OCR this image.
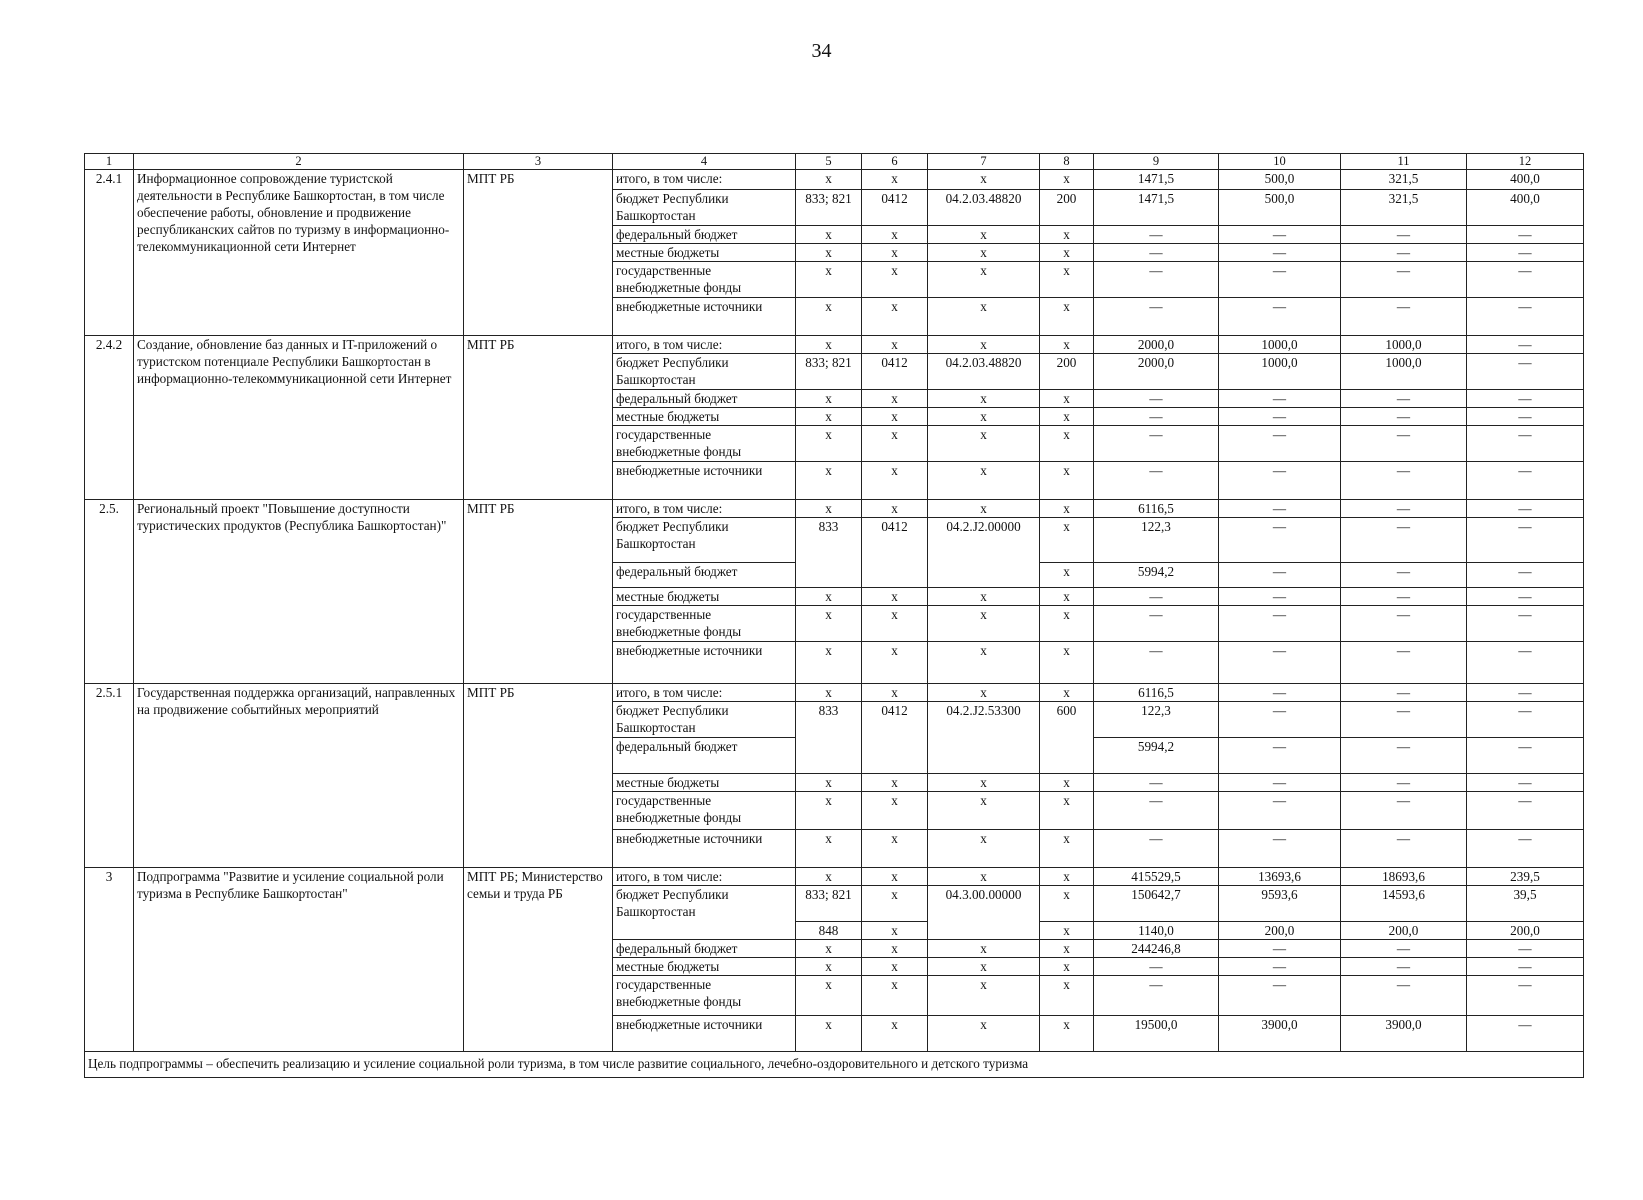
34
1	2	3	4	5	6	7	8	9	10	11	12
2.4.1	Информационное сопровождение туристской деятельности в Республике Башкортостан, в том числе обеспечение работы, обновление и продвижение республиканских сайтов по туризму в информационно-телекоммуникационной сети Интернет	МПТ РБ	итого, в том числе:	х	х	х	х	1471,5	500,0	321,5	400,0
			бюджет Республики Башкортостан	833; 821	0412	04.2.03.48820	200	1471,5	500,0	321,5	400,0
			федеральный бюджет	х	х	х	х	—	—	—	—
			местные бюджеты	х	х	х	х	—	—	—	—
			государственные внебюджетные фонды	х	х	х	х	—	—	—	—
			внебюджетные источники	х	х	х	х	—	—	—	—
2.4.2	Создание, обновление баз данных и IT-приложений о туристском потенциале Республики Башкортостан в информационно-телекоммуникационной сети Интернет	МПТ РБ	итого, в том числе:	х	х	х	х	2000,0	1000,0	1000,0	—
			бюджет Республики Башкортостан	833; 821	0412	04.2.03.48820	200	2000,0	1000,0	1000,0	—
			федеральный бюджет	х	х	х	х	—	—	—	—
			местные бюджеты	х	х	х	х	—	—	—	—
			государственные внебюджетные фонды	х	х	х	х	—	—	—	—
			внебюджетные источники	х	х	х	х	—	—	—	—
2.5.	Региональный проект "Повышение доступности туристических продуктов (Республика Башкортостан)"	МПТ РБ	итого, в том числе:	х	х	х	х	6116,5	—	—	—
			бюджет Республики Башкортостан	833	0412	04.2.J2.00000	х	122,3	—	—	—
			федеральный бюджет				х	5994,2	—	—	—
			местные бюджеты	х	х	х	х	—	—	—	—
			государственные внебюджетные фонды	х	х	х	х	—	—	—	—
			внебюджетные источники	х	х	х	х	—	—	—	—
2.5.1	Государственная поддержка организаций, направленных на продвижение событийных мероприятий	МПТ РБ	итого, в том числе:	х	х	х	х	6116,5	—	—	—
			бюджет Республики Башкортостан	833	0412	04.2.J2.53300	600	122,3	—	—	—
			федеральный бюджет					5994,2	—	—	—
			местные бюджеты	х	х	х	х	—	—	—	—
			государственные внебюджетные фонды	х	х	х	х	—	—	—	—
			внебюджетные источники	х	х	х	х	—	—	—	—
3	Подпрограмма "Развитие и усиление социальной роли туризма в Республике Башкортостан"	МПТ РБ; Министерство семьи и труда РБ	итого, в том числе:	х	х	х	х	415529,5	13693,6	18693,6	239,5
			бюджет Республики Башкортостан	833; 821	х	04.3.00.00000	х	150642,7	9593,6	14593,6	39,5
				848	х		х	1140,0	200,0	200,0	200,0
			федеральный бюджет	х	х	х	х	244246,8	—	—	—
			местные бюджеты	х	х	х	х	—	—	—	—
			государственные внебюджетные фонды	х	х	х	х	—	—	—	—
			внебюджетные источники	х	х	х	х	19500,0	3900,0	3900,0	—
Цель подпрограммы – обеспечить реализацию и усиление социальной роли туризма, в том числе развитие социального, лечебно-оздоровительного и детского туризма											
